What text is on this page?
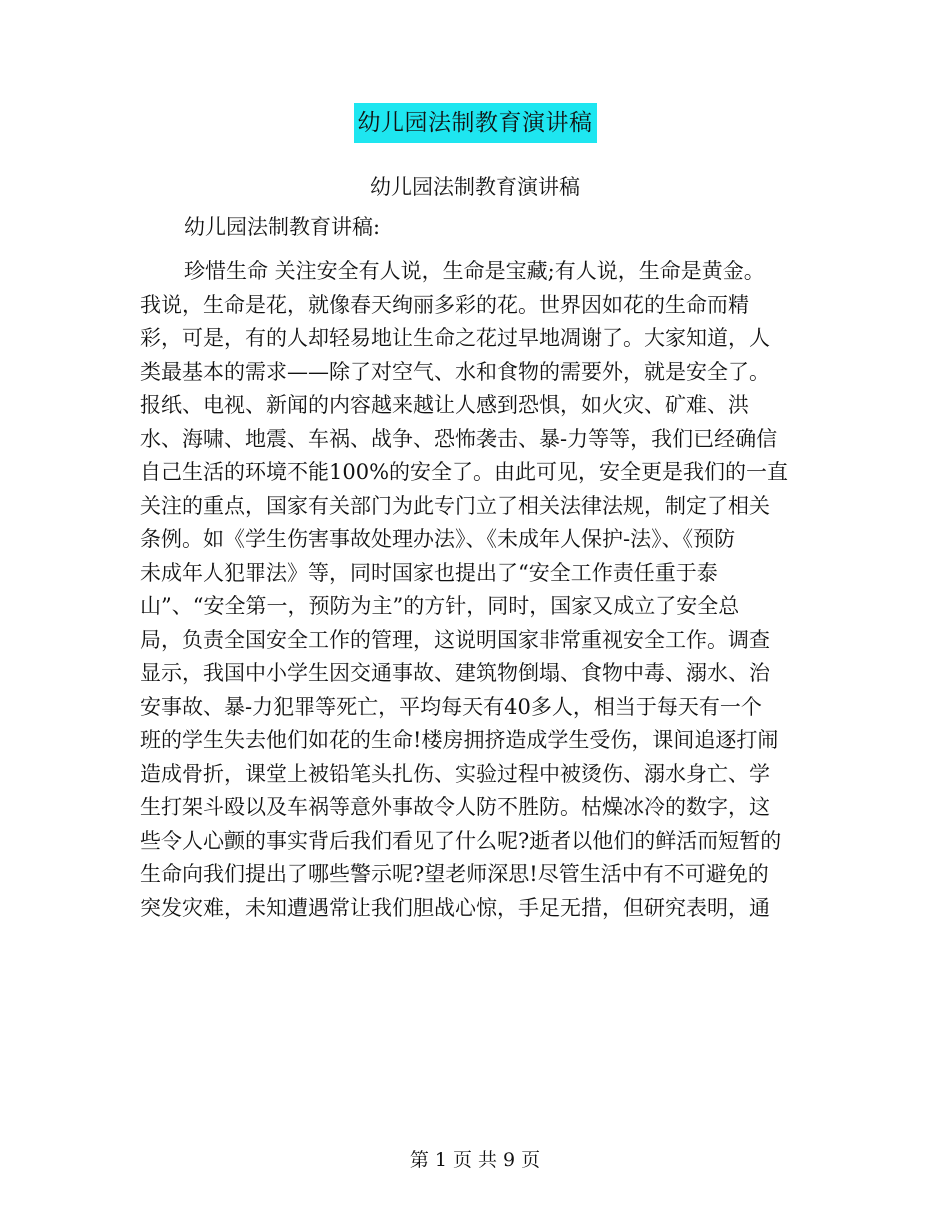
幼儿园法制教育演讲稿
幼儿园法制教育演讲稿
幼儿园法制教育讲稿:
珍惜生命 关注安全有人说，生命是宝藏;有人说，生命是黄金。
我说，生命是花，就像春天绚丽多彩的花。世界因如花的生命而精
彩，可是，有的人却轻易地让生命之花过早地凋谢了。大家知道，人
类最基本的需求——除了对空气、水和食物的需要外，就是安全了。
报纸、电视、新闻的内容越来越让人感到恐惧，如火灾、矿难、洪
水、海啸、地震、车祸、战争、恐怖袭击、暴-力等等，我们已经确信
自己生活的环境不能100%的安全了。由此可见，安全更是我们的一直
关注的重点，国家有关部门为此专门立了相关法律法规，制定了相关
条例。如《学生伤害事故处理办法》、《未成年人保护-法》、《预防
未成年人犯罪法》等，同时国家也提出了“安全工作责任重于泰
山”、“安全第一，预防为主”的方针，同时，国家又成立了安全总
局，负责全国安全工作的管理，这说明国家非常重视安全工作。调查
显示，我国中小学生因交通事故、建筑物倒塌、食物中毒、溺水、治
安事故、暴-力犯罪等死亡，平均每天有40多人，相当于每天有一个
班的学生失去他们如花的生命!楼房拥挤造成学生受伤，课间追逐打闹
造成骨折，课堂上被铅笔头扎伤、实验过程中被烫伤、溺水身亡、学
生打架斗殴以及车祸等意外事故令人防不胜防。枯燥冰冷的数字，这
些令人心颤的事实背后我们看见了什么呢?逝者以他们的鲜活而短暂的
生命向我们提出了哪些警示呢?望老师深思!尽管生活中有不可避免的
突发灾难，未知遭遇常让我们胆战心惊，手足无措，但研究表明，通
第 1 页 共 9 页
